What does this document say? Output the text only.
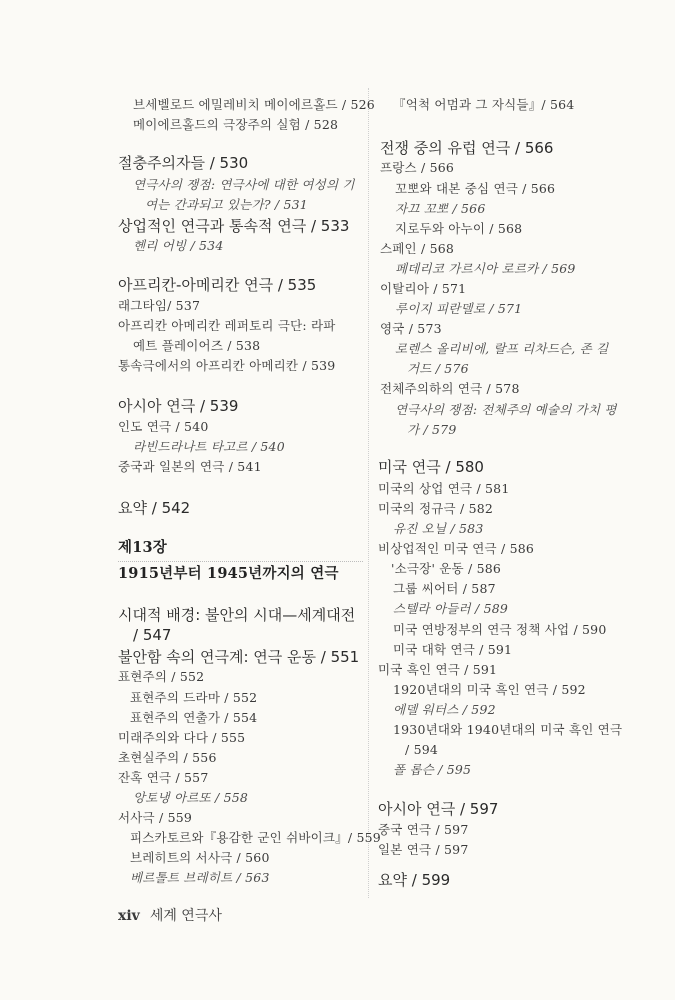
브세벨로드 에밀레비치 메이에르홀드 / 526
메이에르홀드의 극장주의 실험 / 528
절충주의자들 / 530
연극사의 쟁점: 연극사에 대한 여성의 기
여는 간과되고 있는가? / 531
상업적인 연극과 통속적 연극 / 533
헨리 어빙 / 534
아프리칸-아메리칸 연극 / 535
래그타임/ 537
아프리칸 아메리칸 레퍼토리 극단: 라파
예트 플레이어즈 / 538
통속극에서의 아프리칸 아메리칸 / 539
아시아 연극 / 539
인도 연극 / 540
라빈드라나트 타고르 / 540
중국과 일본의 연극 / 541
요약 / 542
제13장
1915년부터 1945년까지의 연극
시대적 배경: 불안의 시대—세계대전
/ 547
불안함 속의 연극계: 연극 운동 / 551
표현주의 / 552
표현주의 드라마 / 552
표현주의 연출가 / 554
미래주의와 다다 / 555
초현실주의 / 556
잔혹 연극 / 557
앙토냉 아르또 / 558
서사극 / 559
피스카토르와『용감한 군인 쉬바이크』/ 559
브레히트의 서사극 / 560
베르톨트 브레히트 / 563
『억척 어멈과 그 자식들』/ 564
전쟁 중의 유럽 연극 / 566
프랑스 / 566
꼬뽀와 대본 중심 연극 / 566
자끄 꼬뽀 / 566
지로두와 아누이 / 568
스페인 / 568
페데리코 가르시아 로르카 / 569
이탈리아 / 571
루이지 피란델로 / 571
영국 / 573
로렌스 올리비에, 랄프 리차드슨, 존 길
거드 / 576
전체주의하의 연극 / 578
연극사의 쟁점: 전체주의 예술의 가치 평
가 / 579
미국 연극 / 580
미국의 상업 연극 / 581
미국의 정규극 / 582
유진 오닐 / 583
비상업적인 미국 연극 / 586
'소극장' 운동 / 586
그룹 씨어터 / 587
스텔라 아들러 / 589
미국 연방정부의 연극 정책 사업 / 590
미국 대학 연극 / 591
미국 흑인 연극 / 591
1920년대의 미국 흑인 연극 / 592
에델 워터스 / 592
1930년대와 1940년대의 미국 흑인 연극
/ 594
폴 롭슨 / 595
아시아 연극 / 597
중국 연극 / 597
일본 연극 / 597
요약 / 599
xiv 세계 연극사
